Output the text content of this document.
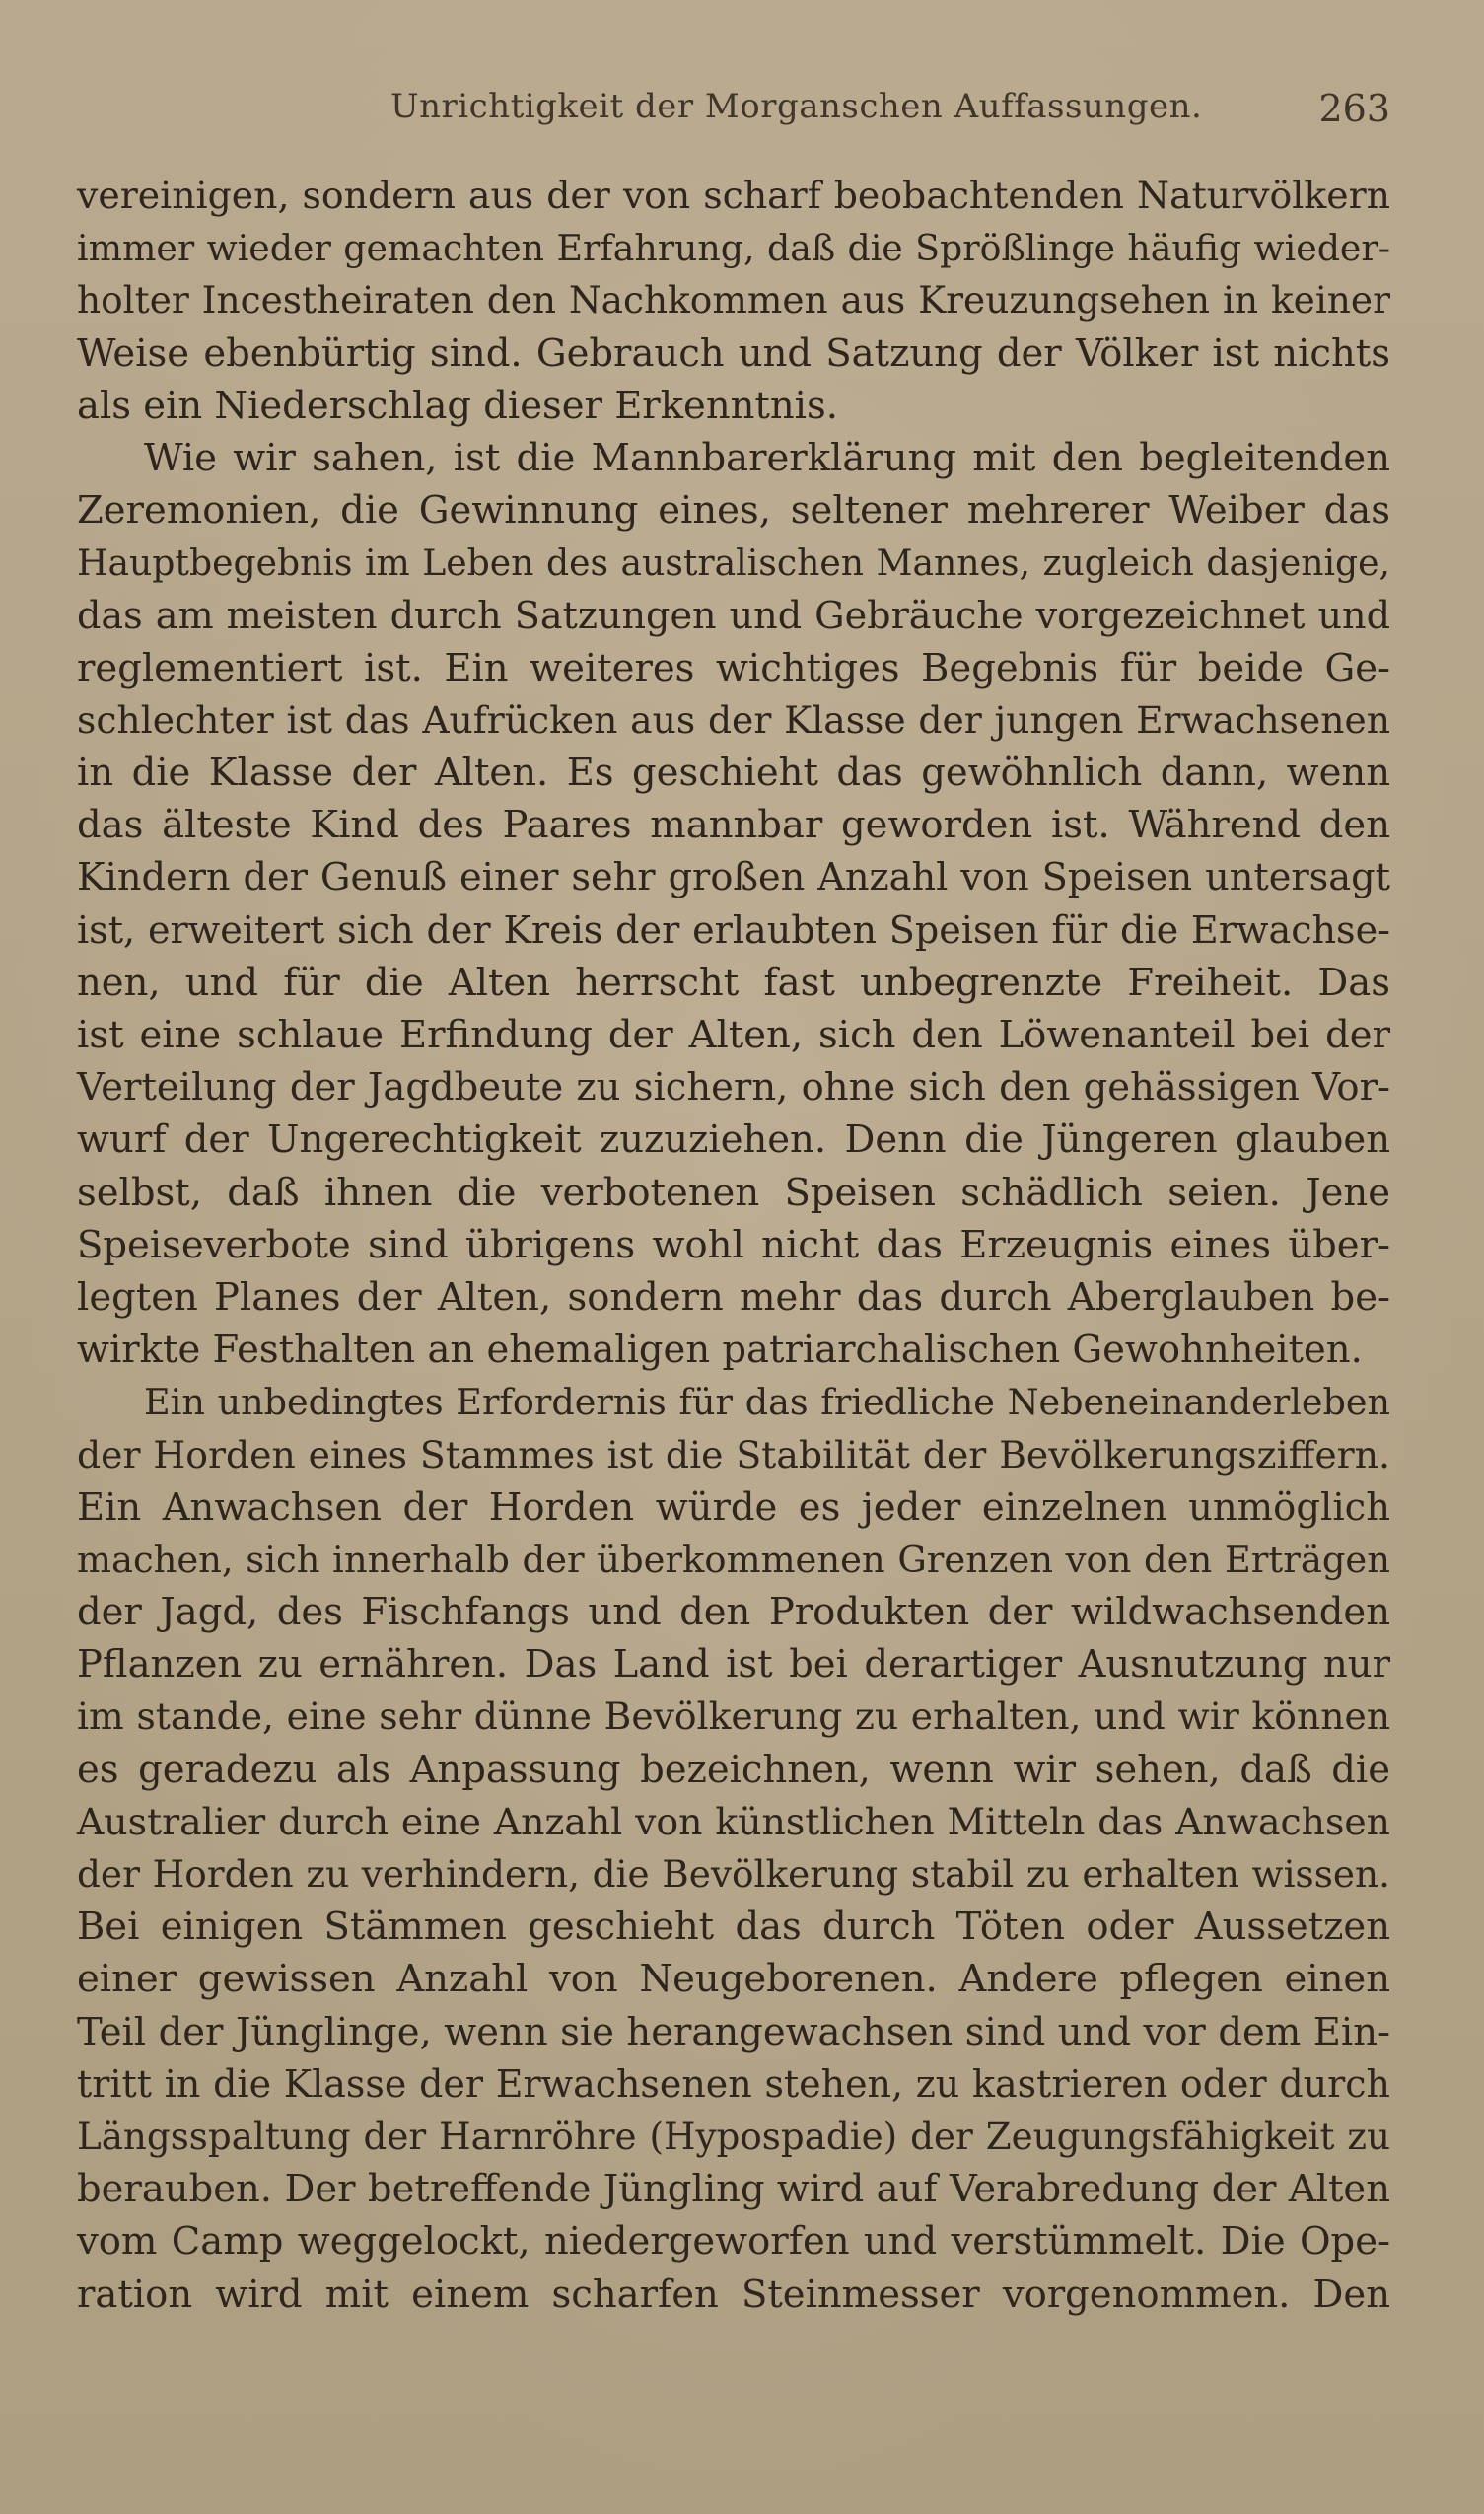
Unrichtigkeit der Morganschen Auffassungen.	263
vereinigen, sondern aus der von scharf beobachtenden Naturvölkern
immer wieder gemachten Erfahrung, daß die Sprößlinge häufig wieder-
holter Incestheiraten den Nachkommen aus Kreuzungsehen in keiner
Weise ebenbürtig sind. Gebrauch und Satzung der Völker ist nichts
als ein Niederschlag dieser Erkenntnis.
Wie wir sahen, ist die Mannbarerklärung mit den begleitenden
Zeremonien, die Gewinnung eines, seltener mehrerer Weiber das
Hauptbegebnis im Leben des australischen Mannes, zugleich dasjenige,
das am meisten durch Satzungen und Gebräuche vorgezeichnet und
reglementiert ist. Ein weiteres wichtiges Begebnis für beide Ge-
schlechter ist das Aufrücken aus der Klasse der jungen Erwachsenen
in die Klasse der Alten. Es geschieht das gewöhnlich dann, wenn
das älteste Kind des Paares mannbar geworden ist. Während den
Kindern der Genuß einer sehr großen Anzahl von Speisen untersagt
ist, erweitert sich der Kreis der erlaubten Speisen für die Erwachse-
nen, und für die Alten herrscht fast unbegrenzte Freiheit. Das
ist eine schlaue Erfindung der Alten, sich den Löwenanteil bei der
Verteilung der Jagdbeute zu sichern, ohne sich den gehässigen Vor-
wurf der Ungerechtigkeit zuzuziehen. Denn die Jüngeren glauben
selbst, daß ihnen die verbotenen Speisen schädlich seien. Jene
Speiseverbote sind übrigens wohl nicht das Erzeugnis eines über-
legten Planes der Alten, sondern mehr das durch Aberglauben be-
wirkte Festhalten an ehemaligen patriarchalischen Gewohnheiten.
Ein unbedingtes Erfordernis für das friedliche Nebeneinanderleben
der Horden eines Stammes ist die Stabilität der Bevölkerungsziffern.
Ein Anwachsen der Horden würde es jeder einzelnen unmöglich
machen, sich innerhalb der überkommenen Grenzen von den Erträgen
der Jagd, des Fischfangs und den Produkten der wildwachsenden
Pflanzen zu ernähren. Das Land ist bei derartiger Ausnutzung nur
im stande, eine sehr dünne Bevölkerung zu erhalten, und wir können
es geradezu als Anpassung bezeichnen, wenn wir sehen, daß die
Australier durch eine Anzahl von künstlichen Mitteln das Anwachsen
der Horden zu verhindern, die Bevölkerung stabil zu erhalten wissen.
Bei einigen Stämmen geschieht das durch Töten oder Aussetzen
einer gewissen Anzahl von Neugeborenen. Andere pflegen einen
Teil der Jünglinge, wenn sie herangewachsen sind und vor dem Ein-
tritt in die Klasse der Erwachsenen stehen, zu kastrieren oder durch
Längsspaltung der Harnröhre (Hypospadie) der Zeugungsfähigkeit zu
berauben. Der betreffende Jüngling wird auf Verabredung der Alten
vom Camp weggelockt, niedergeworfen und verstümmelt. Die Ope-
ration wird mit einem scharfen Steinmesser vorgenommen. Den
